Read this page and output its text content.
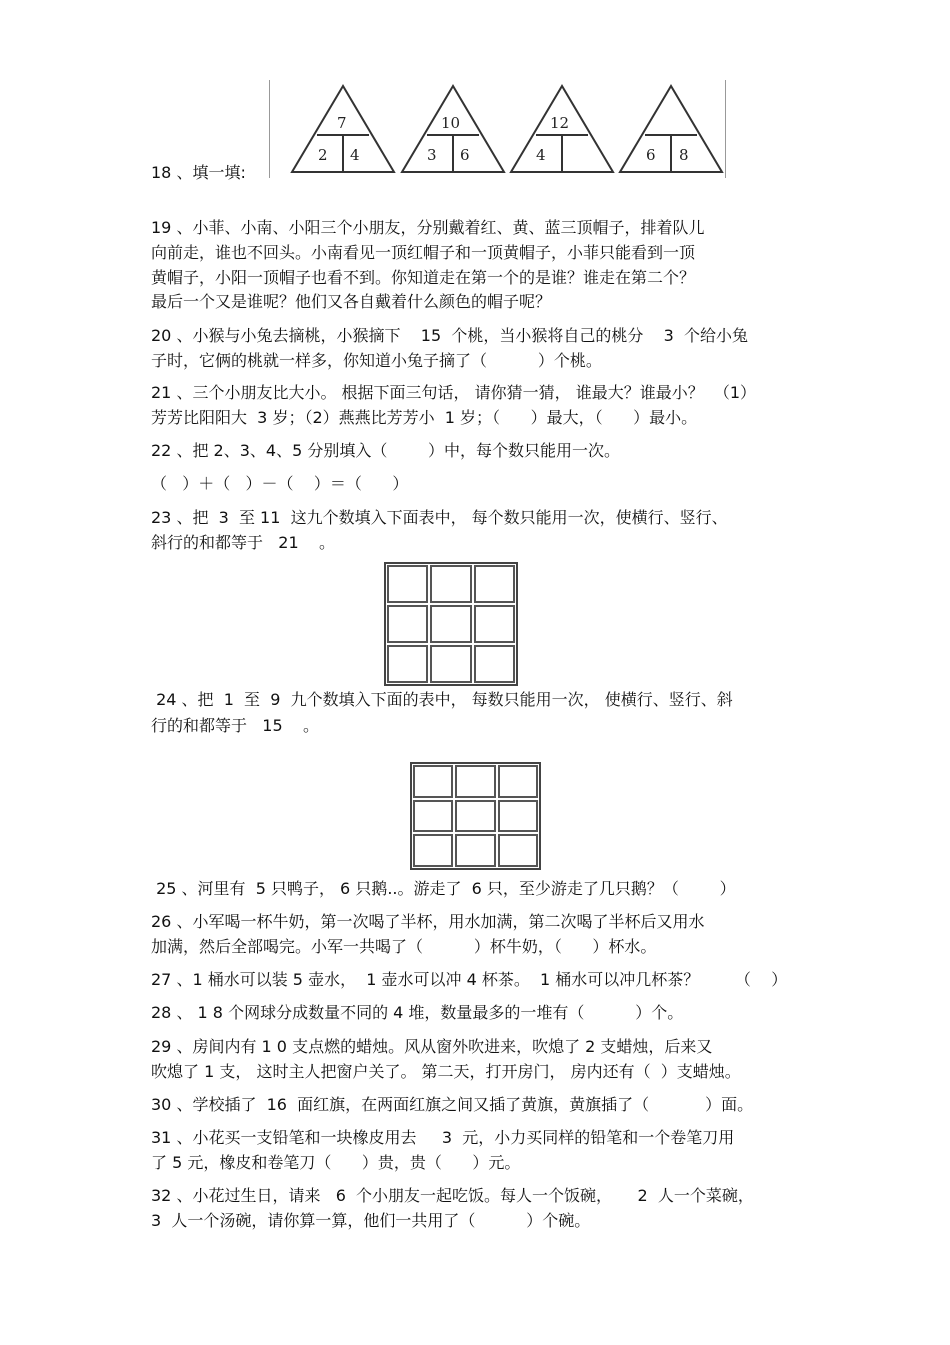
18 、填一填:
7
2 4
10
3 6
12
4	6 8
19 、小菲、小南、小阳三个小朋友，分别戴着红、黄、蓝三顶帽子，排着队儿
向前走，谁也不回头。小南看见一顶红帽子和一顶黄帽子，小菲只能看到一顶
黄帽子，小阳一顶帽子也看不到。你知道走在第一个的是谁？谁走在第二个？
最后一个又是谁呢？他们又各自戴着什么颜色的帽子呢？
20 、小猴与小兔去摘桃，小猴摘下    15  个桃，当小猴将自己的桃分    3  个给小兔
子时，它俩的桃就一样多，你知道小兔子摘了（          ）个桃。
21 、三个小朋友比大小。 根据下面三句话， 请你猜一猜， 谁最大？谁最小？  （1）
芳芳比阳阳大  3 岁；（2）燕燕比芳芳小  1 岁；（      ）最大，（      ）最小。
22 、把 2、3、4、5 分别填入（        ）中，每个数只能用一次。
（   ）＋（   ）－（    ）＝（      ）
23 、把  3  至 11  这九个数填入下面表中， 每个数只能用一次，使横行、竖行、
斜行的和都等于   21    。
24 、把  1  至  9  九个数填入下面的表中， 每数只能用一次， 使横行、竖行、斜
行的和都等于   15    。
25 、河里有  5 只鸭子， 6 只鹅..。游走了  6 只，至少游走了几只鹅？（        ）
26 、小军喝一杯牛奶，第一次喝了半杯，用水加满，第二次喝了半杯后又用水
加满，然后全部喝完。小军一共喝了（          ）杯牛奶，（      ）杯水。
27 、1 桶水可以装 5 壶水，  1 壶水可以冲 4 杯茶。  1 桶水可以冲几杯茶？       （    ）
28 、 1 8 个网球分成数量不同的 4 堆，数量最多的一堆有（          ）个。
29 、房间内有 1 0 支点燃的蜡烛。风从窗外吹进来，吹熄了 2 支蜡烛，后来又
吹熄了 1 支， 这时主人把窗户关了。 第二天，打开房门， 房内还有（  ）支蜡烛。
30 、学校插了  16  面红旗，在两面红旗之间又插了黄旗，黄旗插了（           ）面。
31 、小花买一支铅笔和一块橡皮用去     3  元，小力买同样的铅笔和一个卷笔刀用
了 5 元，橡皮和卷笔刀（      ）贵，贵（      ）元。
32 、小花过生日，请来   6  个小朋友一起吃饭。每人一个饭碗，     2  人一个菜碗，
3  人一个汤碗，请你算一算，他们一共用了（          ）个碗。
